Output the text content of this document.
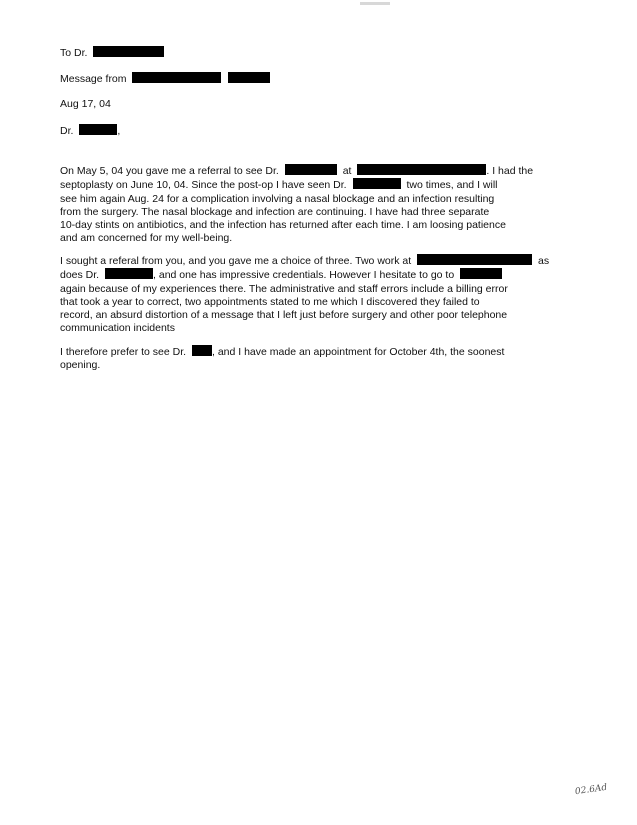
To Dr.
Message from
Aug 17, 04
Dr.	,
On May 5, 04 you gave me a referral to see Dr.	at	. I had the
septoplasty on June 10, 04. Since the post-op I have seen Dr.	two times, and I will
see him again Aug. 24 for a complication involving a nasal blockage and an infection resulting
from the surgery. The nasal blockage and infection are continuing. I have had three separate
10-day stints on antibiotics, and the infection has returned after each time. I am loosing patience
and am concerned for my well-being.
I sought a referal from you, and you gave me a choice of three. Two work at	as
does Dr.	, and one has impressive credentials. However I hesitate to go to
again because of my experiences there. The administrative and staff errors include a billing error
that took a year to correct, two appointments stated to me which I discovered they failed to
record, an absurd distortion of a message that I left just before surgery and other poor telephone
communication incidents
I therefore prefer to see Dr. , and I have made an appointment for October 4th, the soonest
opening.
02.6Ad
